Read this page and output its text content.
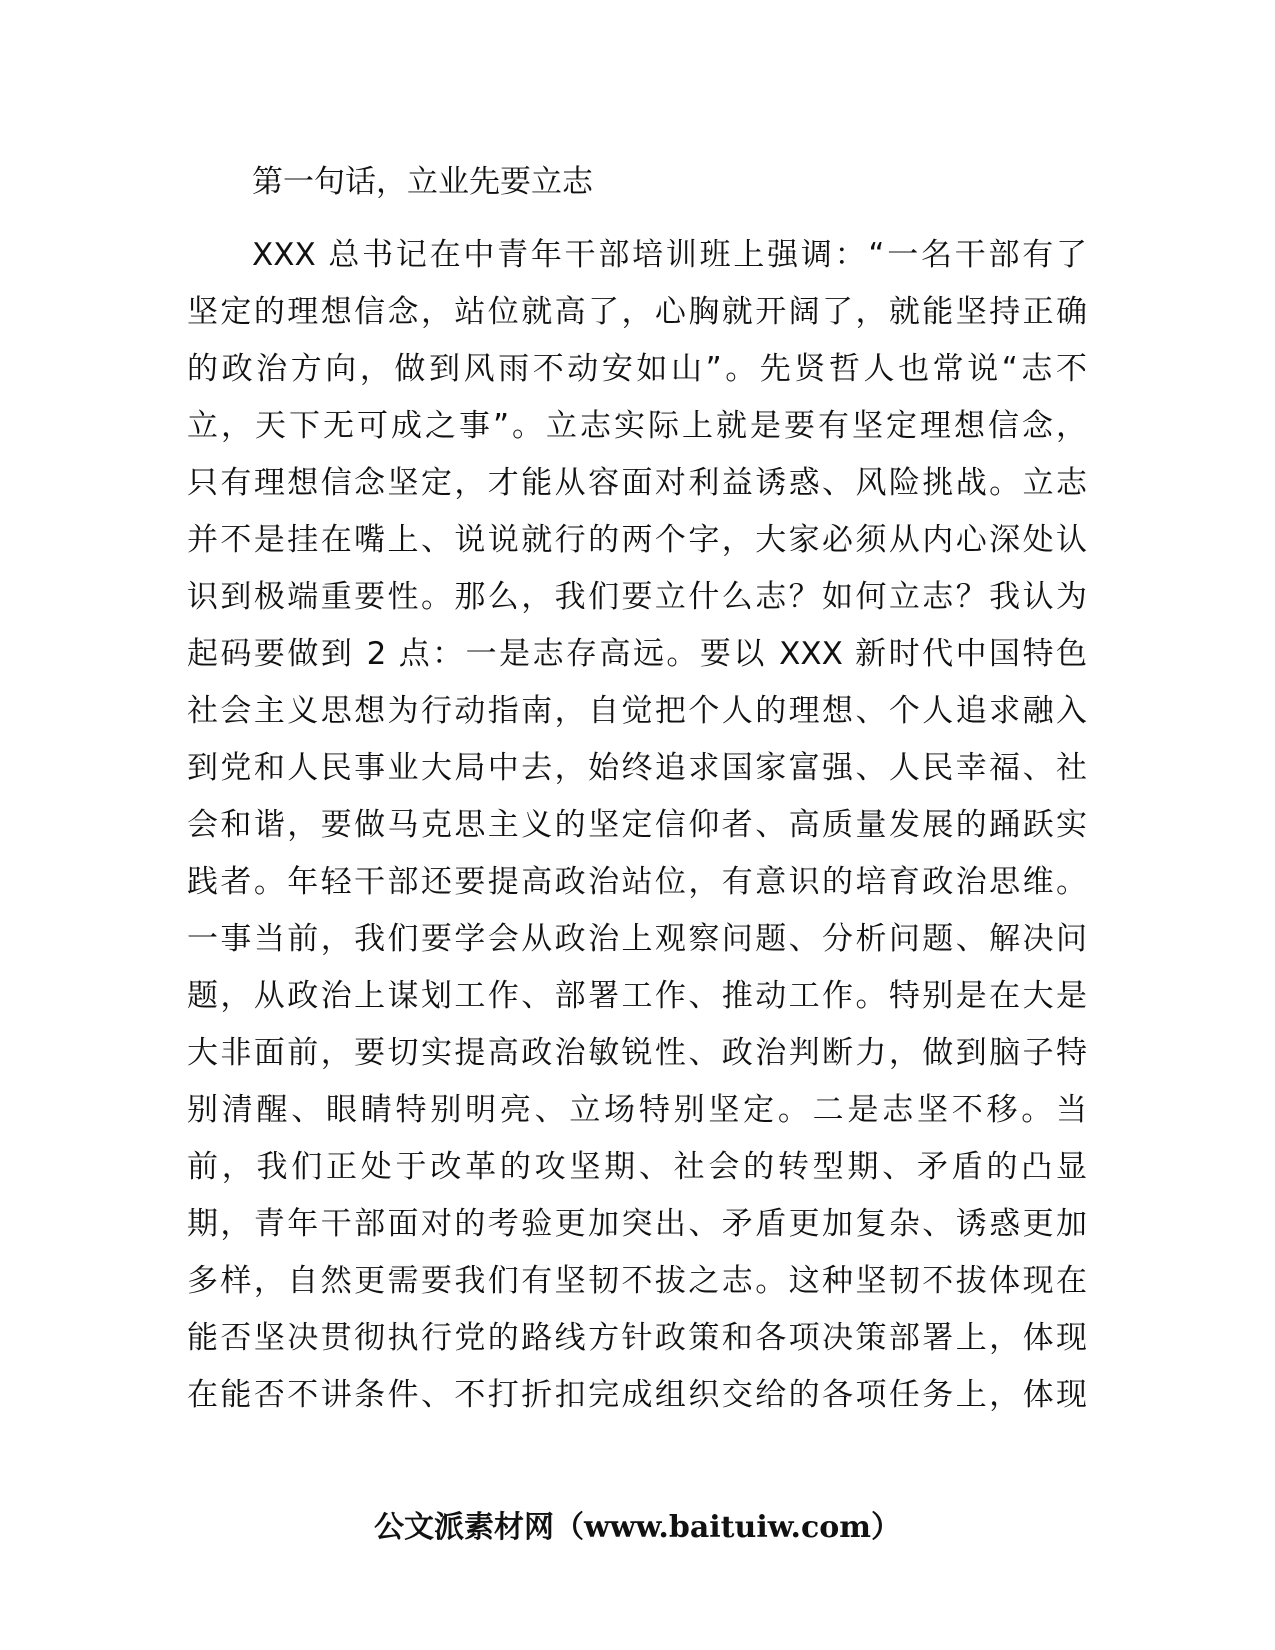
第一句话，立业先要立志
XXX 总书记在中青年干部培训班上强调：“一名干部有了
坚定的理想信念，站位就高了，心胸就开阔了，就能坚持正确
的政治方向，做到风雨不动安如山”。先贤哲人也常说“志不
立，天下无可成之事”。立志实际上就是要有坚定理想信念，
只有理想信念坚定，才能从容面对利益诱惑、风险挑战。立志
并不是挂在嘴上、说说就行的两个字，大家必须从内心深处认
识到极端重要性。那么，我们要立什么志？如何立志？我认为
起码要做到 2 点：一是志存高远。要以 XXX 新时代中国特色
社会主义思想为行动指南，自觉把个人的理想、个人追求融入
到党和人民事业大局中去，始终追求国家富强、人民幸福、社
会和谐，要做马克思主义的坚定信仰者、高质量发展的踊跃实
践者。年轻干部还要提高政治站位，有意识的培育政治思维。
一事当前，我们要学会从政治上观察问题、分析问题、解决问
题，从政治上谋划工作、部署工作、推动工作。特别是在大是
大非面前，要切实提高政治敏锐性、政治判断力，做到脑子特
别清醒、眼睛特别明亮、立场特别坚定。二是志坚不移。当
前，我们正处于改革的攻坚期、社会的转型期、矛盾的凸显
期，青年干部面对的考验更加突出、矛盾更加复杂、诱惑更加
多样，自然更需要我们有坚韧不拔之志。这种坚韧不拔体现在
能否坚决贯彻执行党的路线方针政策和各项决策部署上，体现
在能否不讲条件、不打折扣完成组织交给的各项任务上，体现
公文派素材网（www.baituiw.com）
